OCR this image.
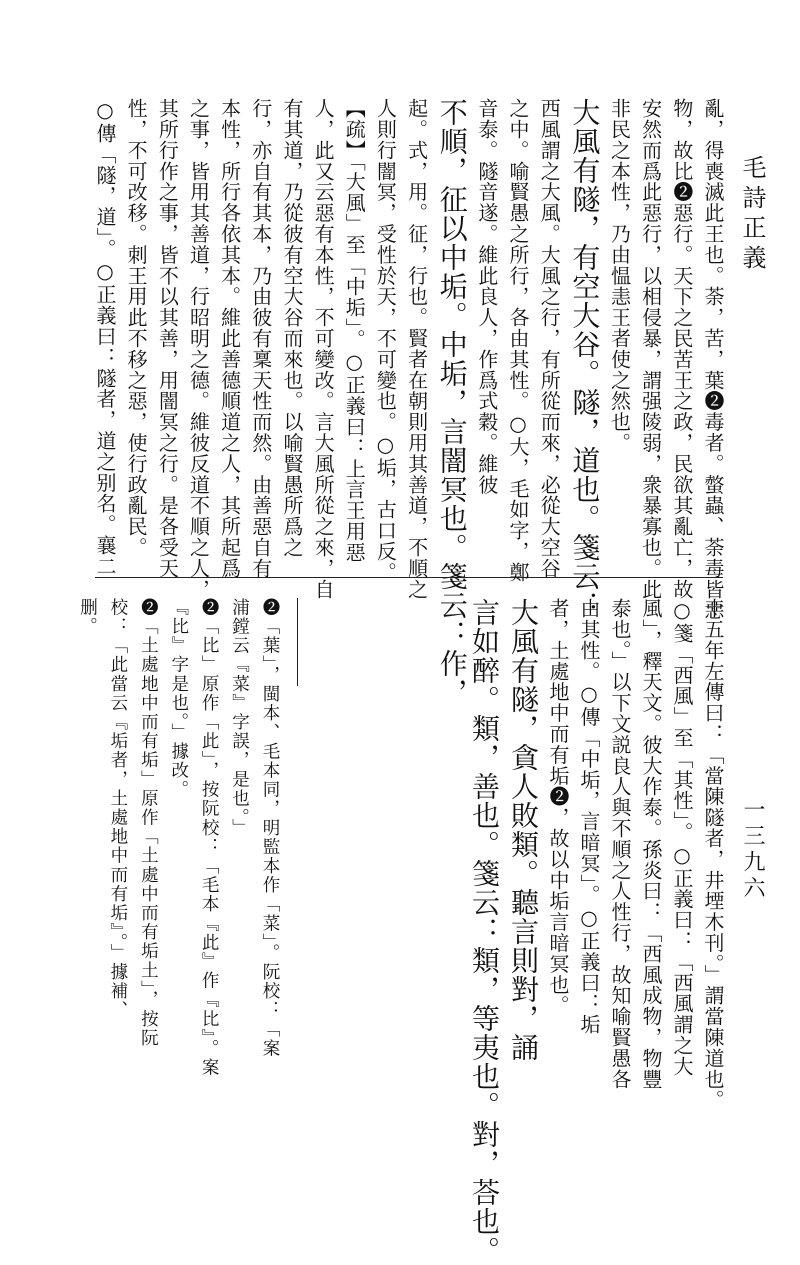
毛詩正義
一三九六
亂，得喪滅此王也。荼，苦，葉❷毒者。螫蟲、荼毒皆惡
物，故比❷惡行。天下之民苦王之政，民欲其亂亡，故
安然而爲此惡行，以相侵暴，謂强陵弱，衆暴寡也。此
非民之本性，乃由愠恚王者使之然也。
大風有隧，有空大谷。隧，道也。箋云：
西風謂之大風。大風之行，有所從而來，必從大空谷
之中。喻賢愚之所行，各由其性。○大，毛如字，鄭
音泰。隧音遂。維此良人，作爲式穀。維彼
不順，征以中垢。中垢，言闇冥也。箋云：作，
起。式，用。征，行也。賢者在朝則用其善道，不順之
人則行闇冥，受性於天，不可變也。○垢，古口反。
【疏】「大風」至「中垢」。○正義曰：上言王用惡
人，此又云惡有本性，不可變改。言大風所從之來，自
有其道，乃從彼有空大谷而來也。以喻賢愚所爲之
行，亦自有其本，乃由彼有稟天性而然。由善惡自有
本性，所行各依其本。維此善德順道之人，其所起爲
之事，皆用其善道，行昭明之德。維彼反道不順之人，
其所行作之事，皆不以其善，用闇冥之行。是各受天
性，不可改移。刺王用此不移之惡，使行政亂民。
○傳「隧，道」。○正義曰：隧者，道之别名。襄二
十五年左傳曰：「當陳隧者，井堙木刊。」謂當陳道也。
○箋「西風」至「其性」。○正義曰：「西風謂之大
風」，釋天文。彼大作泰。孫炎曰：「西風成物，物豐
泰也。」以下文説良人與不順之人性行，故知喻賢愚各
由其性。○傳「中垢，言暗冥」。○正義曰：垢
者，土處地中而有垢❷，故以中垢言暗冥也。
大風有隧，貪人敗類。聽言則對，誦
言如醉。類，善也。箋云：類，等夷也。對，荅也。
❷「葉」，閩本、毛本同，明監本作「菜」。阮校：「案
浦鏜云『菜』字誤，是也。」
❷「比」原作「此」，按阮校：「毛本『此』作『比』。案
『比』字是也。」據改。
❷「土處地中而有垢」原作「土處中而有垢土」，按阮
校：「此當云『垢者，土處地中而有垢』。」據補、
删。
